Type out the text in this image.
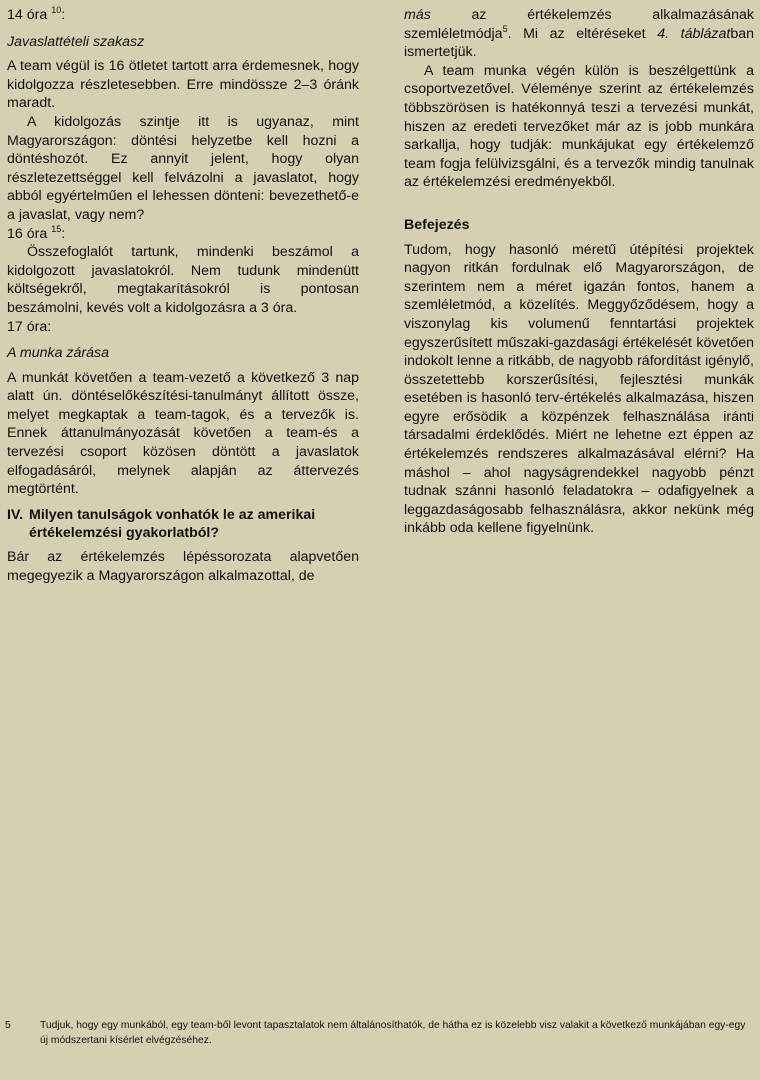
14 óra $^{10}$:

Javaslattételi szakasz

A team végül is 16 ötletet tartott arra érdemesnek, hogy kidolgozza részletesebben. Erre mindössze 2–3 óránk maradt.

A kidolgozás szintje itt is ugyanaz, mint Magyarországon: döntési helyzetbe kell hozni a döntéshozót. Ez annyit jelent, hogy olyan részletezettséggel kell felvázolni a javaslatot, hogy abból egyértelműen el lehessen dönteni: bevezethető-e a javaslat, vagy nem?

16 óra $^{15}$:

Összefoglalót tartunk, mindenki beszámol a kidolgozott javaslatokról. Nem tudunk mindenütt költségekről, megtakarításokról is pontosan beszámolni, kevés volt a kidolgozásra a 3 óra.

17 óra:

A munka zárása

A munkát követően a team-vezető a következő 3 nap alatt ún. döntéselőkészítési-tanulmányt állított össze, melyet megkaptak a team-tagok, és a tervezők is. Ennek áttanulmányozását követően a team-és a tervezési csoport közösen döntött a javaslatok elfogadásáról, melynek alapján az áttervezés megtörtént.

IV. Milyen tanulságok vonhatók le az amerikai értékelemzési gyakorlatból?

Bár az értékelemzés lépéssorozata alapvetően megegyezik a Magyarországon alkalmazottal, de

más az értékelemzés alkalmazásának szemléletmódja$^5$. Mi az eltéréseket 4. táblázatban ismertetjük.

A team munka végén külön is beszélgettünk a csoportvezetővel. Véleménye szerint az értékelemzés többszörösen is hatékonnyá teszi a tervezési munkát, hiszen az eredeti tervezőket már az is jobb munkára sarkallja, hogy tudják: munkájukat egy értékelemző team fogja felülvizsgálni, és a tervezők mindig tanulnak az értékelemzési eredményekből.

Befejezés

Tudom, hogy hasonló méretű útépítési projektek nagyon ritkán fordulnak elő Magyarországon, de szerintem nem a méret igazán fontos, hanem a szemléletmód, a közelítés. Meggyőződésem, hogy a viszonylag kis volumenű fenntartási projektek egyszerűsített műszaki-gazdasági értékelését követően indokolt lenne a ritkább, de nagyobb ráfordítást igénylő, összetettebb korszerűsítési, fejlesztési munkák esetében is hasonló terv-értékelés alkalmazása, hiszen egyre erősödik a közpénzek felhasználása iránti társadalmi érdeklődés. Miért ne lehetne ezt éppen az értékelemzés rendszeres alkalmazásával elérni? Ha máshol – ahol nagyságrendekkel nagyobb pénzt tudnak szánni hasonló feladatokra – odafigyelnek a leggazdaságosabb felhasználásra, akkor nekünk még inkább oda kellene figyelnünk.

5	Tudjuk, hogy egy munkából, egy team-ből levont tapasztalatok nem általánosíthatók, de hátha ez is közelebb visz valakit a következő munkájában egy-egy új módszertani kísérlet elvégzéséhez.
